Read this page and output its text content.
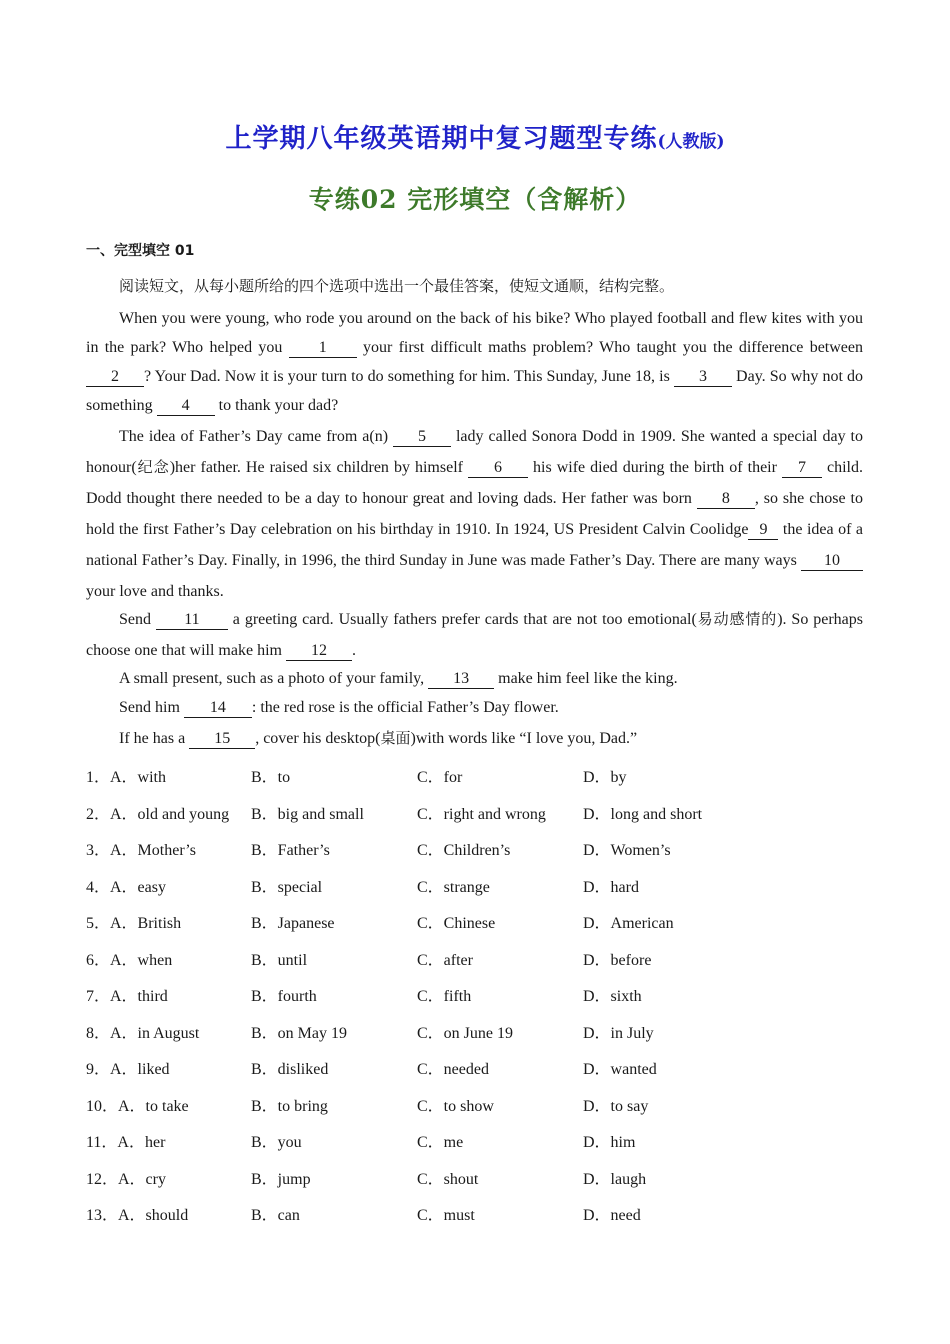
上学期八年级英语期中复习题型专练(人教版)
专练02 完形填空（含解析）
一、完型填空 01
阅读短文，从每小题所给的四个选项中选出一个最佳答案，使短文通顺，结构完整。
When you were young, who rode you around on the back of his bike? Who played football and flew kites with you in the park? Who helped you 1 your first difficult maths problem? Who taught you the difference between 2 ? Your Dad. Now it is your turn to do something for him. This Sunday, June 18, is 3 Day. So why not do something 4 to thank your dad?
The idea of Father’s Day came from a(n) 5 lady called Sonora Dodd in 1909. She wanted a special day to honour(纪念)her father. He raised six children by himself 6 his wife died during the birth of their 7 child. Dodd thought there needed to be a day to honour great and loving dads. Her father was born 8 , so she chose to hold the first Father’s Day celebration on his birthday in 1910. In 1924, US President Calvin Coolidge 9 the idea of a national Father’s Day. Finally, in 1996, the third Sunday in June was made Father’s Day. There are many ways 10 your love and thanks.
Send 11 a greeting card. Usually fathers prefer cards that are not too emotional(易动感情的). So perhaps choose one that will make him 12 .
A small present, such as a photo of your family, 13 make him feel like the king.
Send him 14 : the red rose is the official Father’s Day flower.
If he has a 15 , cover his desktop(桌面)with words like “I love you, Dad.”
1．A．with	B．to	C．for	D．by
2．A．old and young B．big and small	C．right and wrong D．long and short
3．A．Mother’s	B．Father’s	C．Children’s	D．Women’s
4．A．easy	B．special	C．strange	D．hard
5．A．British	B．Japanese	C．Chinese	D．American
6．A．when	B．until	C．after	D．before
7．A．third	B．fourth	C．fifth	D．sixth
8．A．in August	B．on May 19	C．on June 19	D．in July
9．A．liked	B．disliked	C．needed	D．wanted
10．A．to take	B．to bring	C．to show	D．to say
11．A．her	B．you	C．me	D．him
12．A．cry	B．jump	C．shout	D．laugh
13．A．should	B．can	C．must	D．need
